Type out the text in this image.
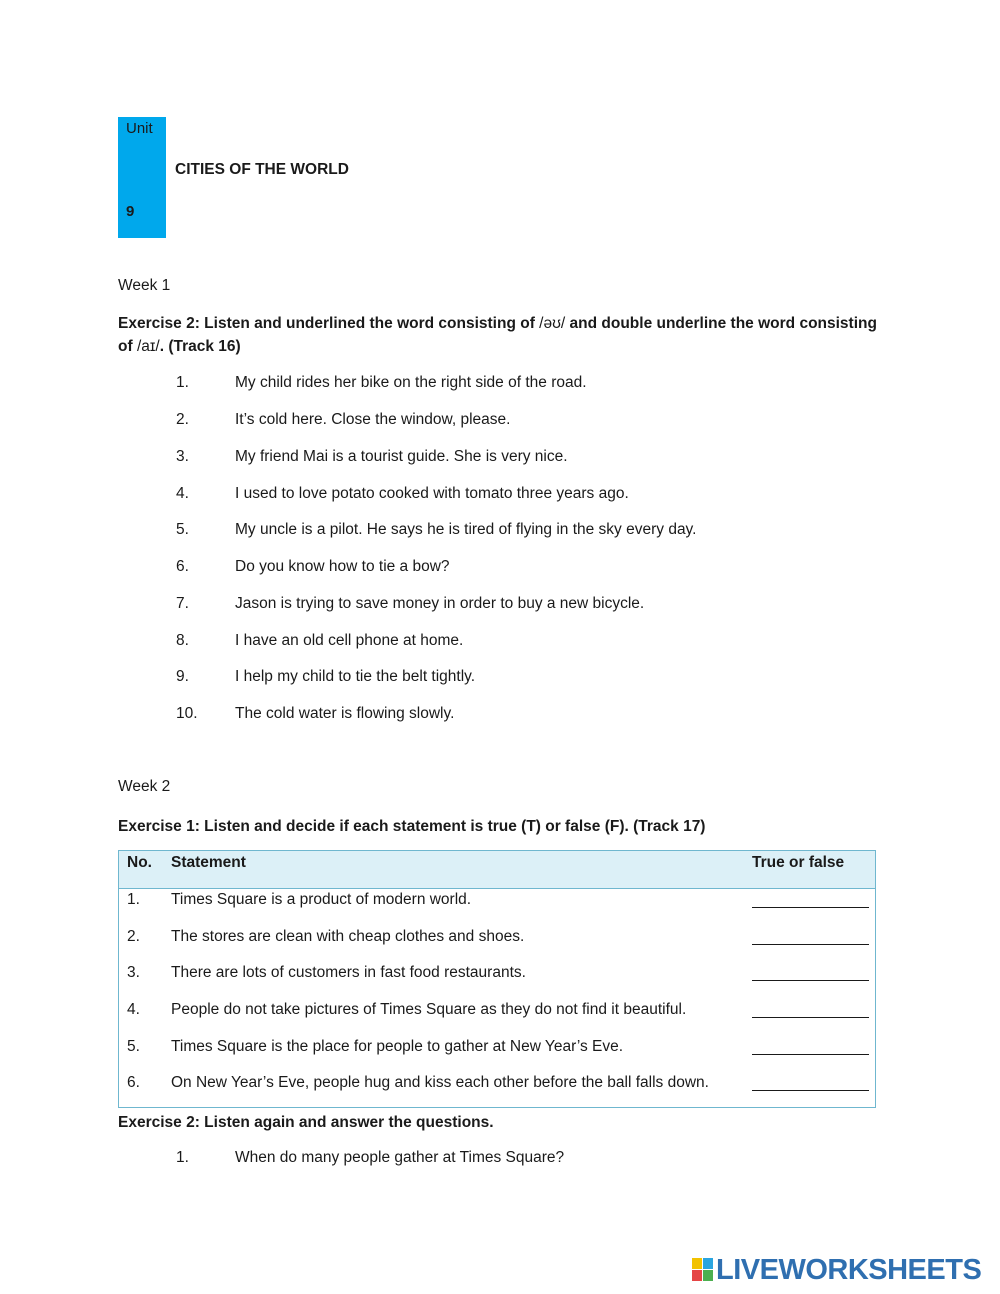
Unit
9
CITIES OF THE WORLD
Week 1
Exercise 2: Listen and underlined the word consisting of /əʊ/ and double underline the word consisting of /aɪ/. (Track 16)
1.	My child rides her bike on the right side of the road.
2.	It’s cold here. Close the window, please.
3.	My friend Mai is a tourist guide. She is very nice.
4.	I used to love potato cooked with tomato three years ago.
5.	My uncle is a pilot. He says he is tired of flying in the sky every day.
6.	Do you know how to tie a bow?
7.	Jason is trying to save money in order to buy a new bicycle.
8.	I have an old cell phone at home.
9.	I help my child to tie the belt tightly.
10. The cold water is flowing slowly.
Week 2
Exercise 1: Listen and decide if each statement is true (T) or false (F). (Track 17)
No. Statement	True or false
1. Times Square is a product of modern world.
2. The stores are clean with cheap clothes and shoes.
3. There are lots of customers in fast food restaurants.
4. People do not take pictures of Times Square as they do not find it beautiful.
5. Times Square is the place for people to gather at New Year’s Eve.
6. On New Year’s Eve, people hug and kiss each other before the ball falls down.
Exercise 2: Listen again and answer the questions.
1.	When do many people gather at Times Square?
LIVEWORKSHEETS
